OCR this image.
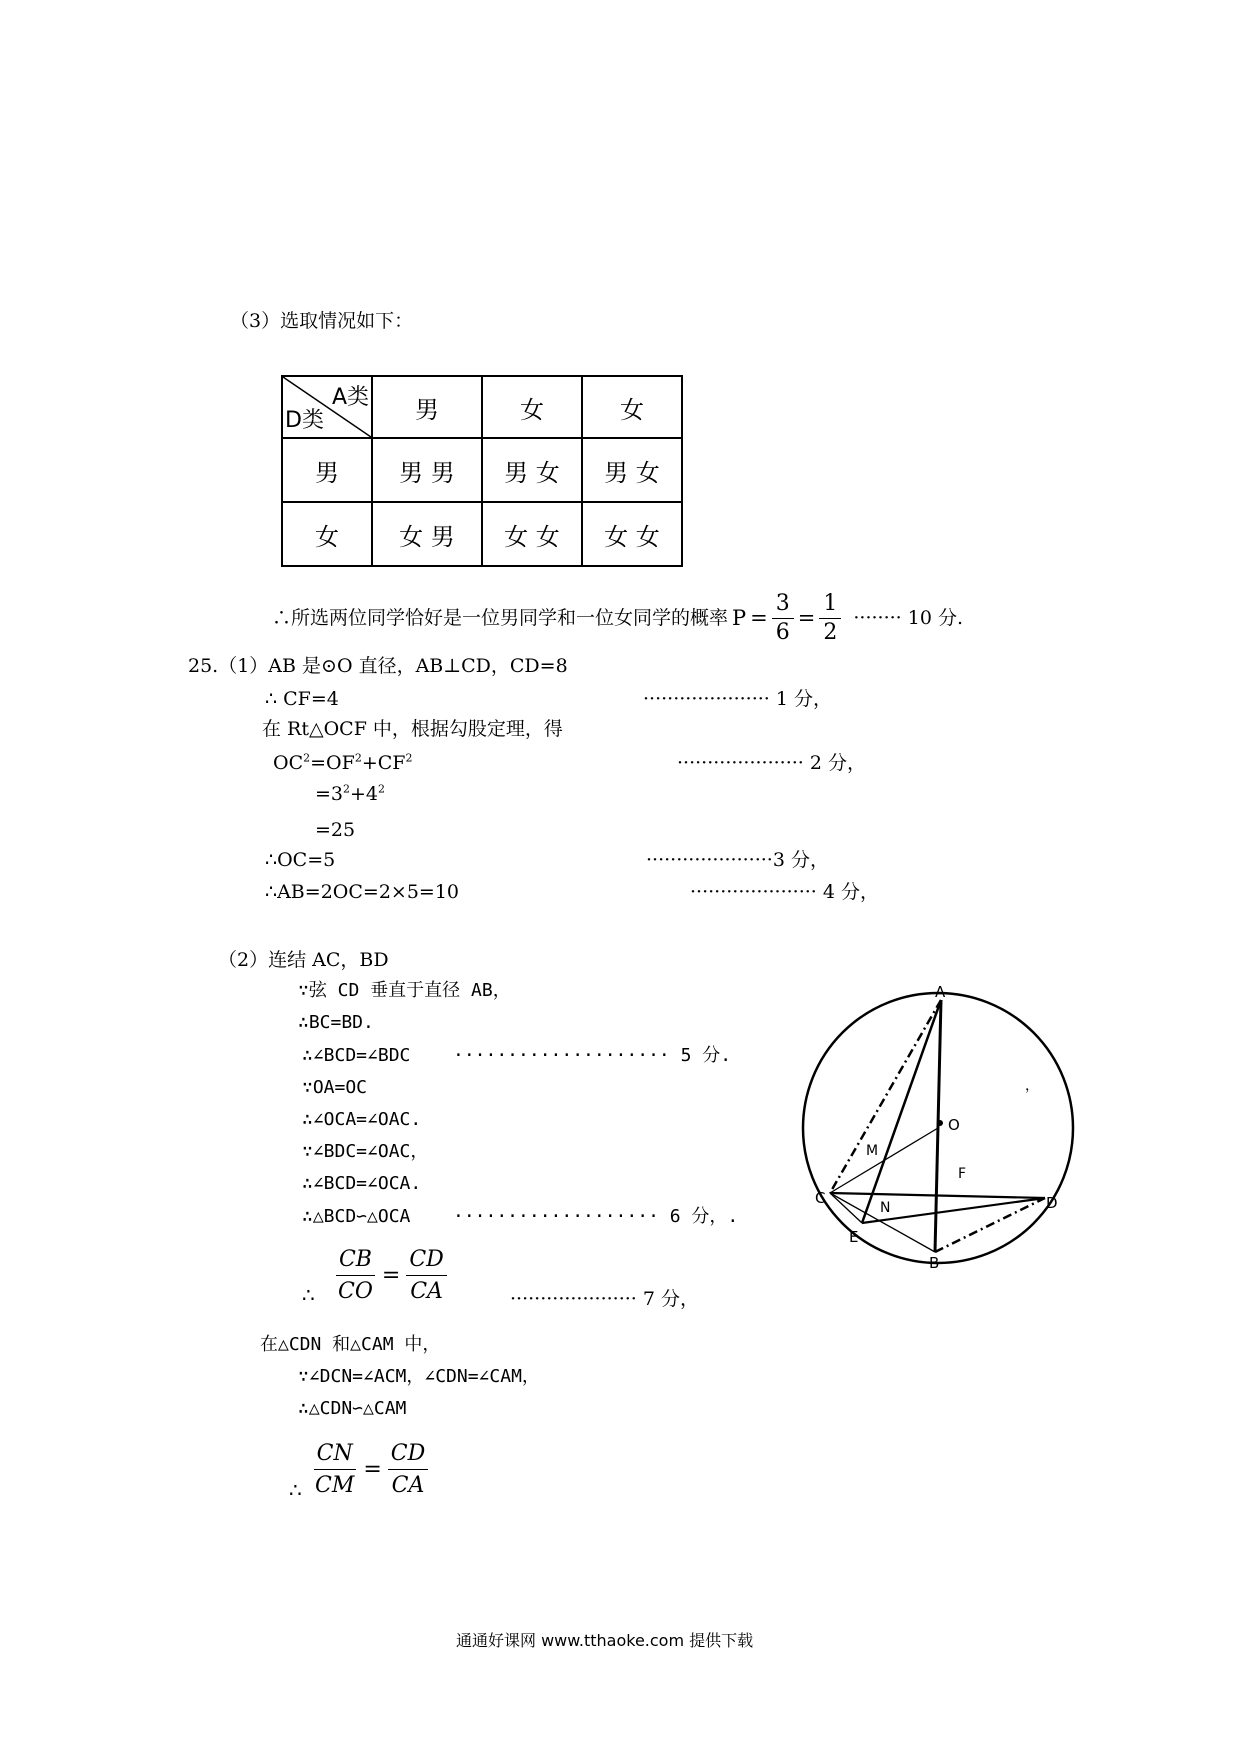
（3）选取情况如下：
A类
D类	男	女	女
男	男 男	男 女	男 女
女	女 男	女 女	女 女
∴所选两位同学恰好是一位男同学和一位女同学的概率 $P = \frac{3}{6} = \frac{1}{2}$ ········ 10 分.
25.（1）AB 是⊙O 直径，AB⊥CD，CD=8
∴ CF=4	····················· 1 分，
在 Rt△OCF 中，根据勾股定理，得
$OC^2=OF^2+CF^2$	····················· 2 分，
$=3^2+4^2$
=25
∴OC=5	·····················3 分，
∴AB=2OC=2×5=10	····················· 4 分，
（2）连结 AC，BD
∵弦 CD 垂直于直径 AB，
∴BC=BD.
∴∠BCD=∠BDC ···················· 5 分.
∵OA=OC
∴∠OCA=∠OAC.
∵∠BDC=∠OAC，
∴∠BCD=∠OCA.
∴△BCD∽△OCA ··················· 6 分，.
∴ $\frac{CB}{CO} = \frac{CD}{CA}$	····················· 7 分，
在△CDN 和△CAM 中，
∵∠DCN=∠ACM，∠CDN=∠CAM，
∴△CDN∽△CAM
∴ $\frac{CN}{CM} = \frac{CD}{CA}$
A
O
M
F
C
N	D
E
B
，
通通好课网 www.tthaoke.com 提供下载
